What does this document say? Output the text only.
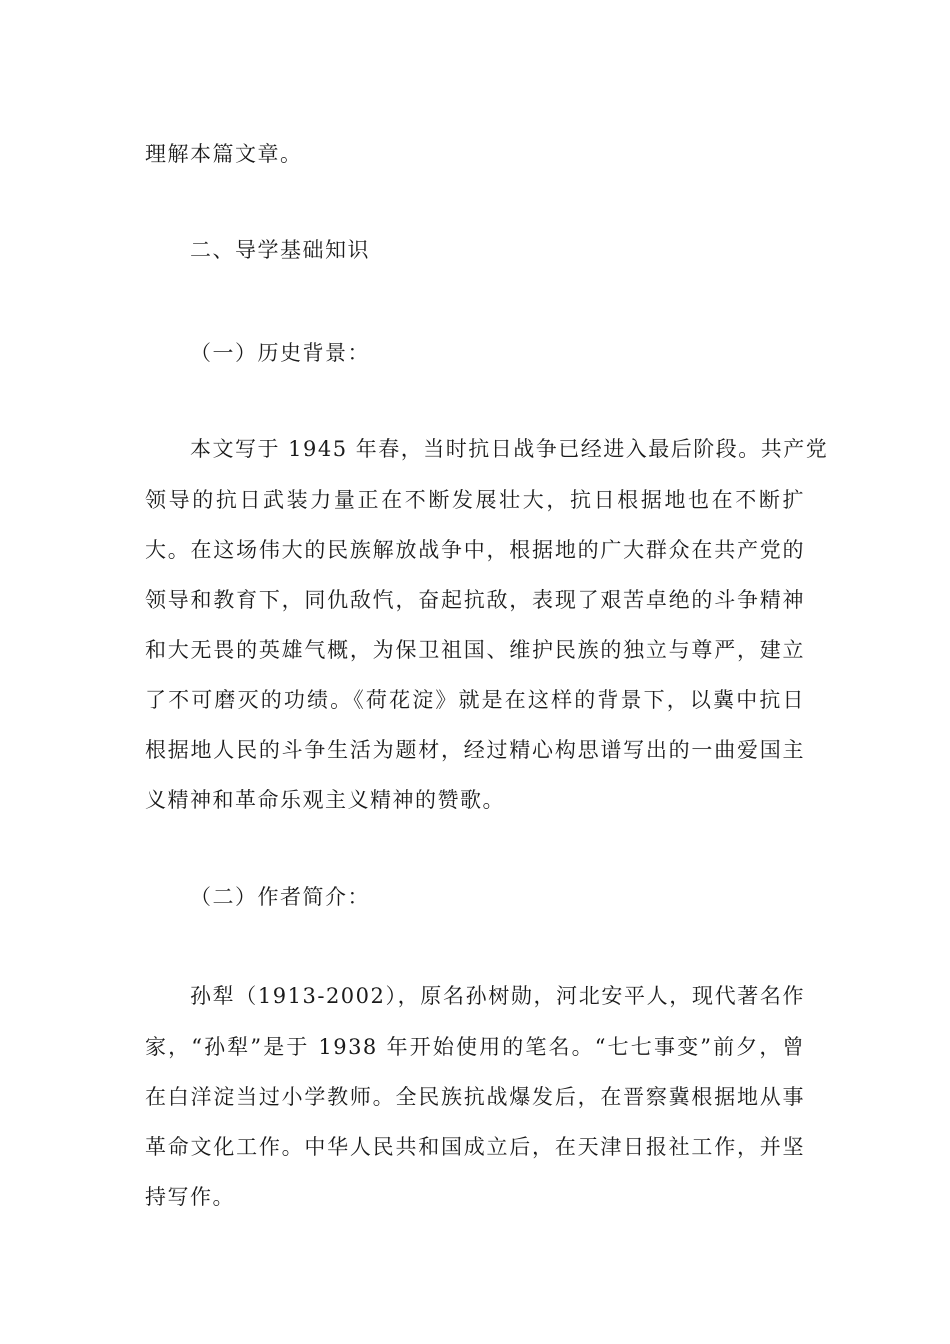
理解本篇文章。
二、导学基础知识
（一）历史背景：
本文写于 1945 年春，当时抗日战争已经进入最后阶段。共产党
领导的抗日武装力量正在不断发展壮大，抗日根据地也在不断扩
大。在这场伟大的民族解放战争中，根据地的广大群众在共产党的
领导和教育下，同仇敌忾，奋起抗敌，表现了艰苦卓绝的斗争精神
和大无畏的英雄气概，为保卫祖国、维护民族的独立与尊严，建立
了不可磨灭的功绩。《荷花淀》就是在这样的背景下，以冀中抗日
根据地人民的斗争生活为题材，经过精心构思谱写出的一曲爱国主
义精神和革命乐观主义精神的赞歌。
（二）作者简介：
孙犁（1913-2002），原名孙树勋，河北安平人，现代著名作
家，“孙犁”是于 1938 年开始使用的笔名。“七七事变”前夕，曾
在白洋淀当过小学教师。全民族抗战爆发后，在晋察冀根据地从事
革命文化工作。中华人民共和国成立后，在天津日报社工作，并坚
持写作。
